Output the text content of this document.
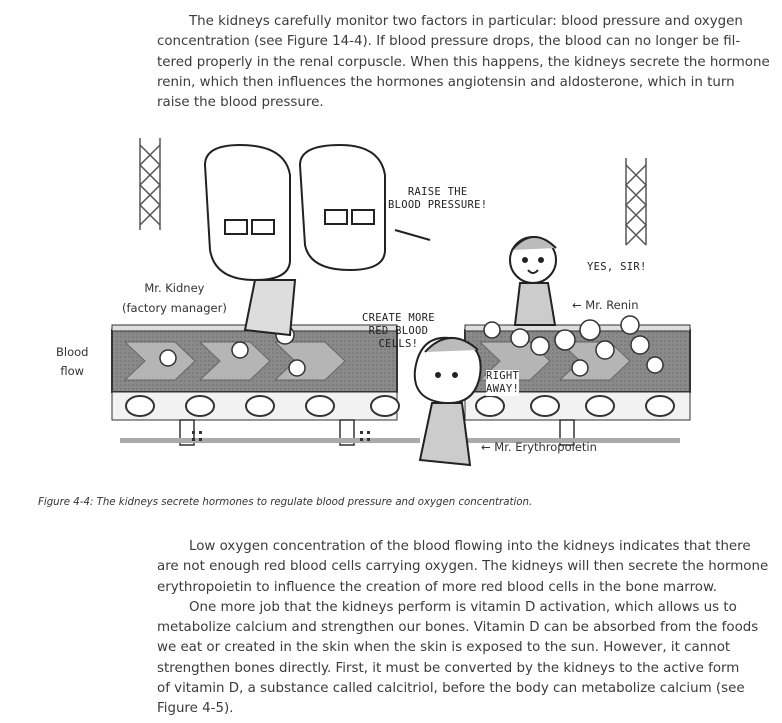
The kidneys carefully monitor two factors in particular: blood pressure and oxygen
concentration (see Figure 14-4). If blood pressure drops, the blood can no longer be fil-
tered properly in the renal corpuscle. When this happens, the kidneys secrete the hormone
renin, which then influences the hormones angiotensin and aldosterone, which in turn
raise the blood pressure.
Blood
flow
Mr. Kidney
(factory manager)	← Mr. Renin
← Mr. Erythropoietin
RAISE THE
BLOOD PRESSURE!
CREATE MORE
RED BLOOD
CELLS!
YES, SIR!
RIGHT
AWAY!
Figure 4-4: The kidneys secrete hormones to regulate blood pressure and oxygen concentration.
Low oxygen concentration of the blood flowing into the kidneys indicates that there
are not enough red blood cells carrying oxygen. The kidneys will then secrete the hormone
erythropoietin to influence the creation of more red blood cells in the bone marrow.
One more job that the kidneys perform is vitamin D activation, which allows us to
metabolize calcium and strengthen our bones. Vitamin D can be absorbed from the foods
we eat or created in the skin when the skin is exposed to the sun. However, it cannot
strengthen bones directly. First, it must be converted by the kidneys to the active form
of vitamin D, a substance called calcitriol, before the body can metabolize calcium (see
Figure 4-5).
